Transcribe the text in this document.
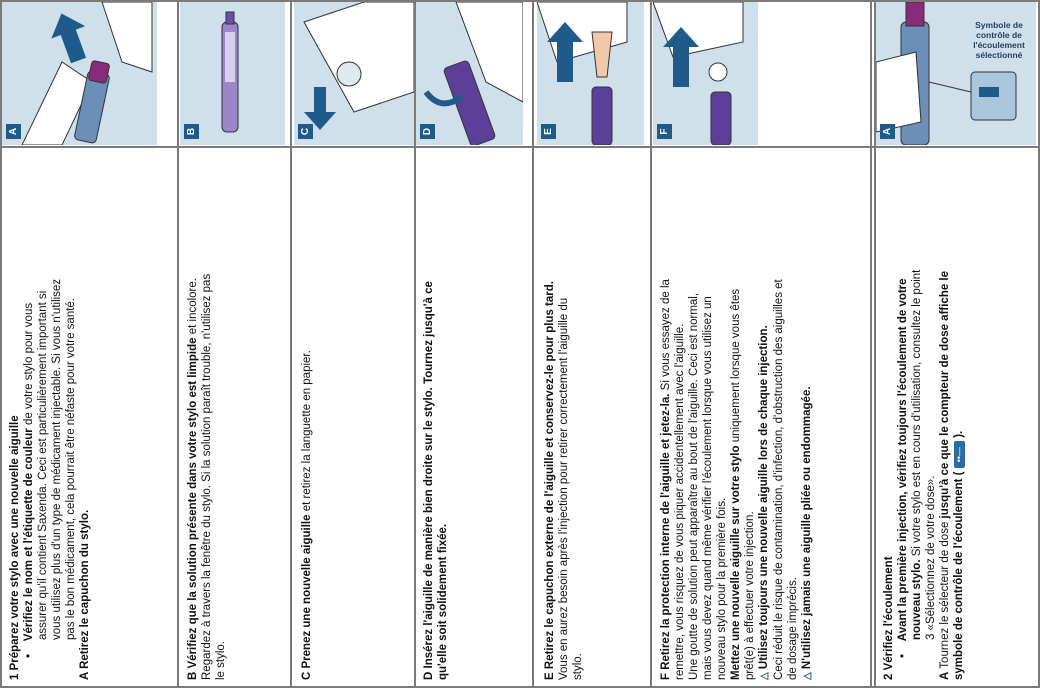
A	B	C	D	E	F
Symbole de contrôle de l'écoulement sélectionné
A
1 Préparez votre stylo avec une nouvelle aiguille •    Vérifiez le nom et l'étiquette de couleur de votre stylo pour vous assurer qu'il contient Saxenda. Ceci est particulièrement important si vous utilisez plus d'un type de médicament injectable. Si vous n'utilisez pas le bon médicament, cela pourrait être néfaste pour votre santé. A Retirez le capuchon du stylo.	B Vérifiez que la solution présente dans votre stylo est limpide et incolore. Regardez à travers la fenêtre du stylo. Si la solution paraît trouble, n'utilisez pas le stylo.	C Prenez une nouvelle aiguille et retirez la languette en papier.	D Insérez l'aiguille de manière bien droite sur le stylo. Tournez jusqu'à ce qu'elle soit solidement fixée.	E Retirez le capuchon externe de l'aiguille et conservez-le pour plus tard. Vous en aurez besoin après l'injection pour retirer correctement l'aiguille du stylo.	F Retirez la protection interne de l'aiguille et jetez-la. Si vous essayez de la remettre, vous risquez de vous piquer accidentellement avec l'aiguille. Une goutte de solution peut apparaître au bout de l'aiguille. Ceci est normal, mais vous devez quand même vérifier l'écoulement lorsque vous utilisez un nouveau stylo pour la première fois. Mettez une nouvelle aiguille sur votre stylo uniquement lorsque vous êtes
prêt(e) à effectuer votre injection. △ Utilisez toujours une nouvelle aiguille lors de chaque injection. Ceci réduit le risque de contamination, d'infection, d'obstruction des aiguilles et de dosage imprécis. △ N'utilisez jamais une aiguille pliée ou endommagée.	2 Vérifiez l'écoulement •    Avant la première injection, vérifiez toujours l'écoulement de votre nouveau stylo. Si votre stylo est en cours d'utilisation, consultez le point 3 «Sélectionnez de votre dose».
A Tournez le sélecteur de dose jusqu'à ce que le compteur de dose affiche le
symbole de contrôle de l'écoulement ( ••— ).
